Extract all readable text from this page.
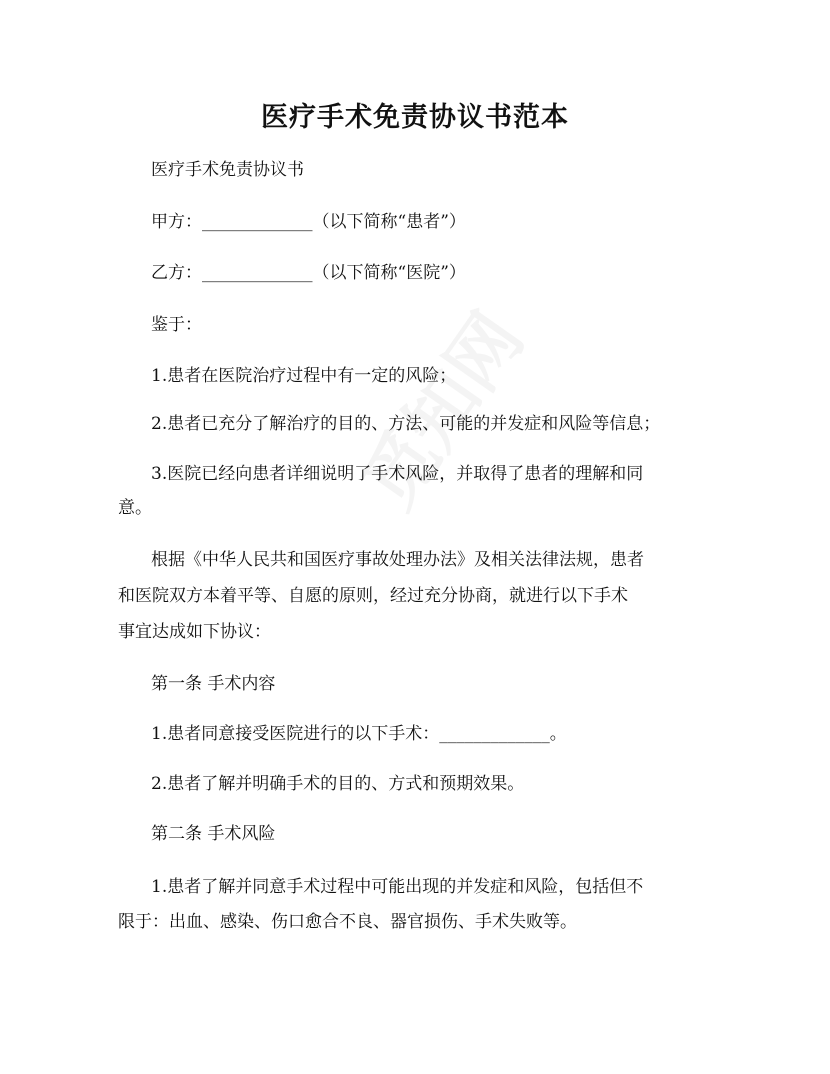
医疗手术免责协议书范本
医疗手术免责协议书
甲方：_____________（以下简称“患者”）
乙方：_____________（以下简称“医院”）
鉴于：
1.患者在医院治疗过程中有一定的风险；
2.患者已充分了解治疗的目的、方法、可能的并发症和风险等信息；
3.医院已经向患者详细说明了手术风险，并取得了患者的理解和同
意。
根据《中华人民共和国医疗事故处理办法》及相关法律法规，患者
和医院双方本着平等、自愿的原则，经过充分协商，就进行以下手术
事宜达成如下协议：
第一条 手术内容
1.患者同意接受医院进行的以下手术：_____________。
2.患者了解并明确手术的目的、方式和预期效果。
第二条 手术风险
1.患者了解并同意手术过程中可能出现的并发症和风险，包括但不
限于：出血、感染、伤口愈合不良、器官损伤、手术失败等。
